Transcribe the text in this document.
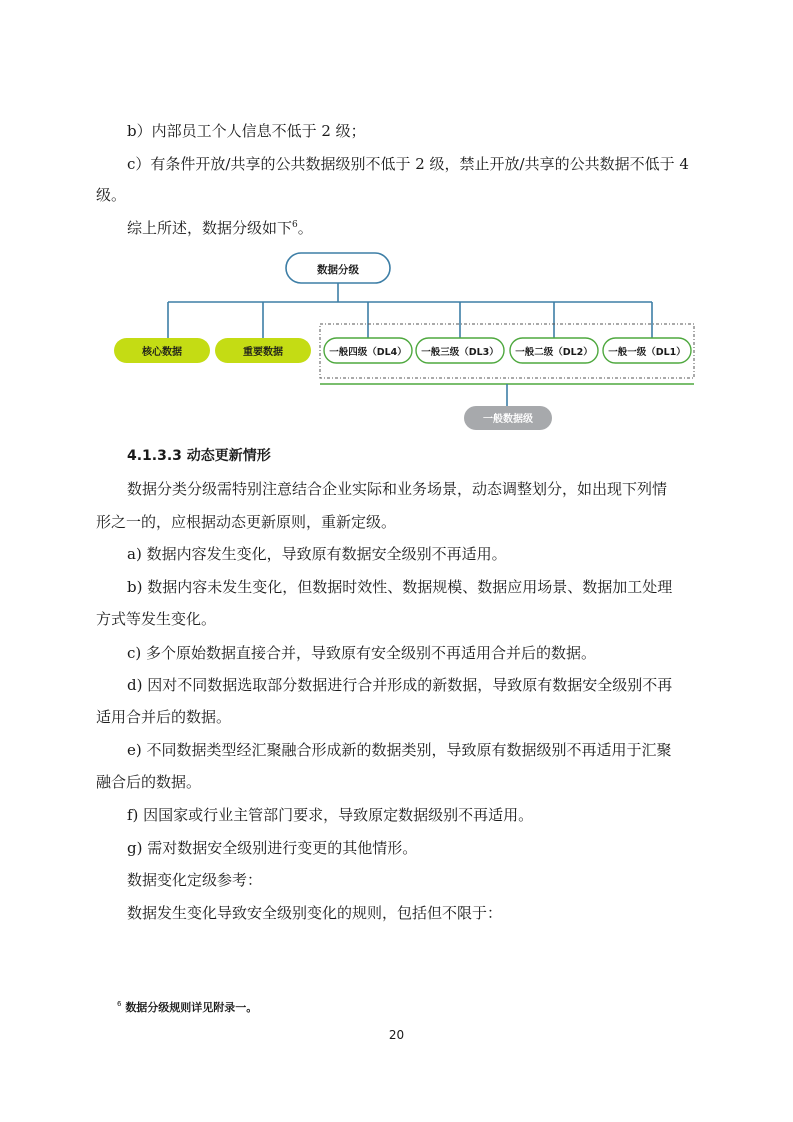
b）内部员工个人信息不低于 2 级；
c）有条件开放/共享的公共数据级别不低于 2 级，禁止开放/共享的公共数据不低于 4
级。
综上所述，数据分级如下$^6$。
数据分级
核心数据	重要数据	一般四级（DL4） 一般三级（DL3） 一般二级（DL2） 一般一级（DL1）
一般数据级
4.1.3.3 动态更新情形
数据分类分级需特别注意结合企业实际和业务场景，动态调整划分，如出现下列情
形之一的，应根据动态更新原则，重新定级。
a) 数据内容发生变化，导致原有数据安全级别不再适用。
b) 数据内容未发生变化，但数据时效性、数据规模、数据应用场景、数据加工处理
方式等发生变化。
c) 多个原始数据直接合并，导致原有安全级别不再适用合并后的数据。
d) 因对不同数据选取部分数据进行合并形成的新数据，导致原有数据安全级别不再
适用合并后的数据。
e) 不同数据类型经汇聚融合形成新的数据类别，导致原有数据级别不再适用于汇聚
融合后的数据。
f) 因国家或行业主管部门要求，导致原定数据级别不再适用。
g) 需对数据安全级别进行变更的其他情形。
数据变化定级参考：
数据发生变化导致安全级别变化的规则，包括但不限于：
$^6$ 数据分级规则详见附录一。
20
